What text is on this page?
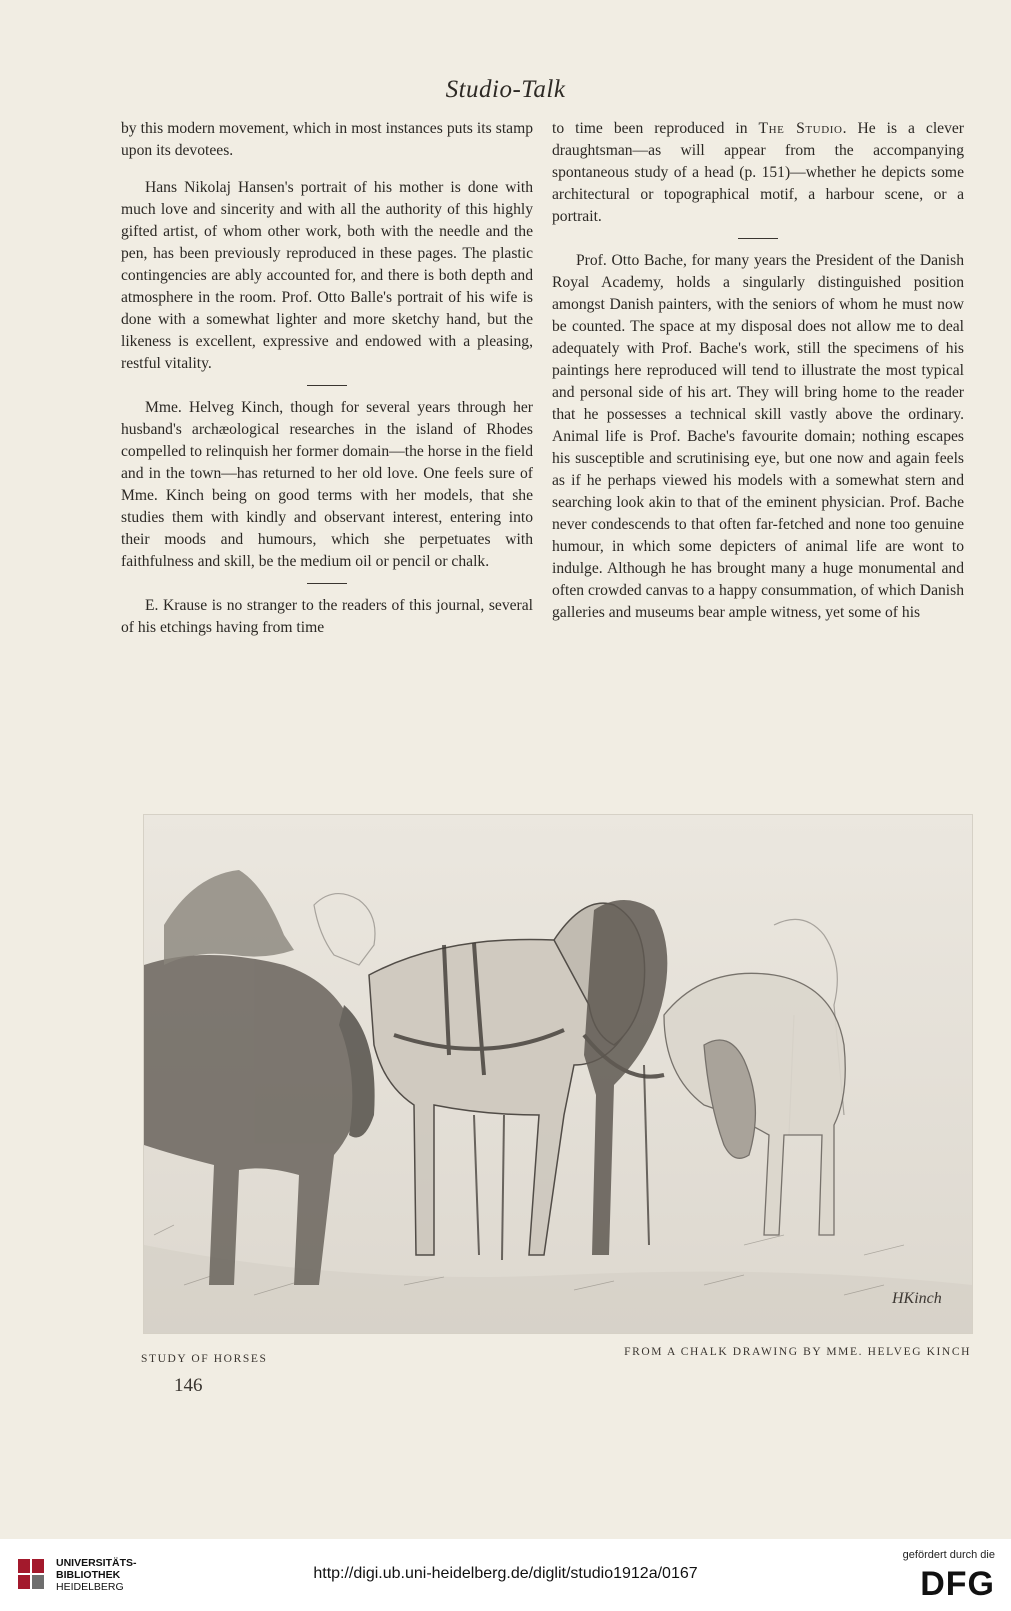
Studio-Talk

by this modern movement, which in most instances puts its stamp upon its devotees.

Hans Nikolaj Hansen's portrait of his mother is done with much love and sincerity and with all the authority of this highly gifted artist, of whom other work, both with the needle and the pen, has been previously reproduced in these pages. The plastic contingencies are ably accounted for, and there is both depth and atmosphere in the room. Prof. Otto Balle's portrait of his wife is done with a somewhat lighter and more sketchy hand, but the likeness is excellent, expressive and endowed with a pleasing, restful vitality.

Mme. Helveg Kinch, though for several years through her husband's archæological researches in the island of Rhodes compelled to relinquish her former domain—the horse in the field and in the town—has returned to her old love. One feels sure of Mme. Kinch being on good terms with her models, that she studies them with kindly and observant interest, entering into their moods and humours, which she perpetuates with faithfulness and skill, be the medium oil or pencil or chalk.

E. Krause is no stranger to the readers of this journal, several of his etchings having from time

to time been reproduced in The Studio. He is a clever draughtsman—as will appear from the accompanying spontaneous study of a head (p. 151)—whether he depicts some architectural or topographical motif, a harbour scene, or a portrait.

Prof. Otto Bache, for many years the President of the Danish Royal Academy, holds a singularly distinguished position amongst Danish painters, with the seniors of whom he must now be counted. The space at my disposal does not allow me to deal adequately with Prof. Bache's work, still the specimens of his paintings here reproduced will tend to illustrate the most typical and personal side of his art. They will bring home to the reader that he possesses a technical skill vastly above the ordinary. Animal life is Prof. Bache's favourite domain; nothing escapes his susceptible and scrutinising eye, but one now and again feels as if he perhaps viewed his models with a somewhat stern and searching look akin to that of the eminent physician. Prof. Bache never condescends to that often far-fetched and none too genuine humour, in which some depicters of animal life are wont to indulge. Although he has brought many a huge monumental and often crowded canvas to a happy consummation, of which Danish galleries and museums bear ample witness, yet some of his

HKinch
STUDY OF HORSES
FROM A CHALK DRAWING BY MME. HELVEG KINCH
146
UNIVERSITÄTS-
BIBLIOTHEK
HEIDELBERG
http://digi.ub.uni-heidelberg.de/diglit/studio1912a/0167
gefördert durch die
DFG
